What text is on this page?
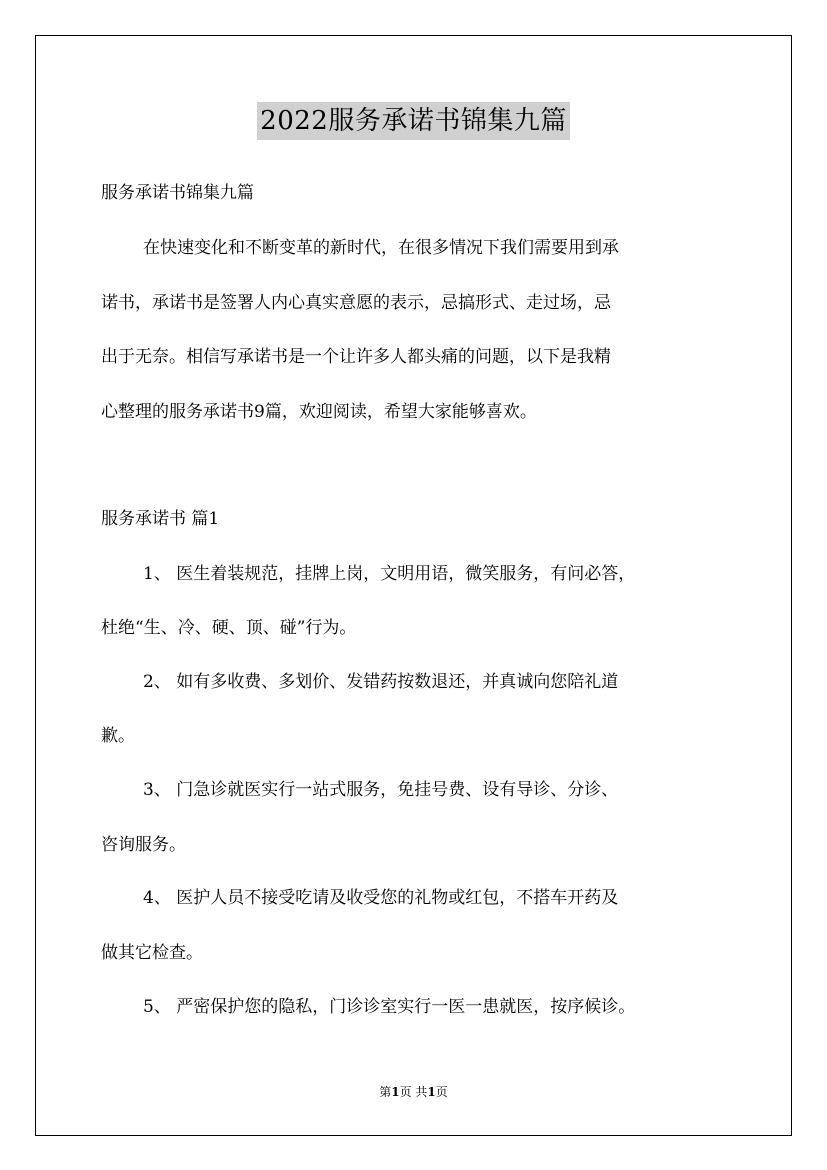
2022服务承诺书锦集九篇
服务承诺书锦集九篇
在快速变化和不断变革的新时代，在很多情况下我们需要用到承
诺书，承诺书是签署人内心真实意愿的表示，忌搞形式、走过场，忌
出于无奈。相信写承诺书是一个让许多人都头痛的问题，以下是我精
心整理的服务承诺书9篇，欢迎阅读，希望大家能够喜欢。
服务承诺书 篇1
1、 医生着装规范，挂牌上岗，文明用语，微笑服务，有问必答，
杜绝“生、冷、硬、顶、碰”行为。
2、 如有多收费、多划价、发错药按数退还，并真诚向您陪礼道
歉。
3、 门急诊就医实行一站式服务，免挂号费、设有导诊、分诊、
咨询服务。
4、 医护人员不接受吃请及收受您的礼物或红包，不搭车开药及
做其它检查。
5、 严密保护您的隐私，门诊诊室实行一医一患就医，按序候诊。
第1页 共1页
